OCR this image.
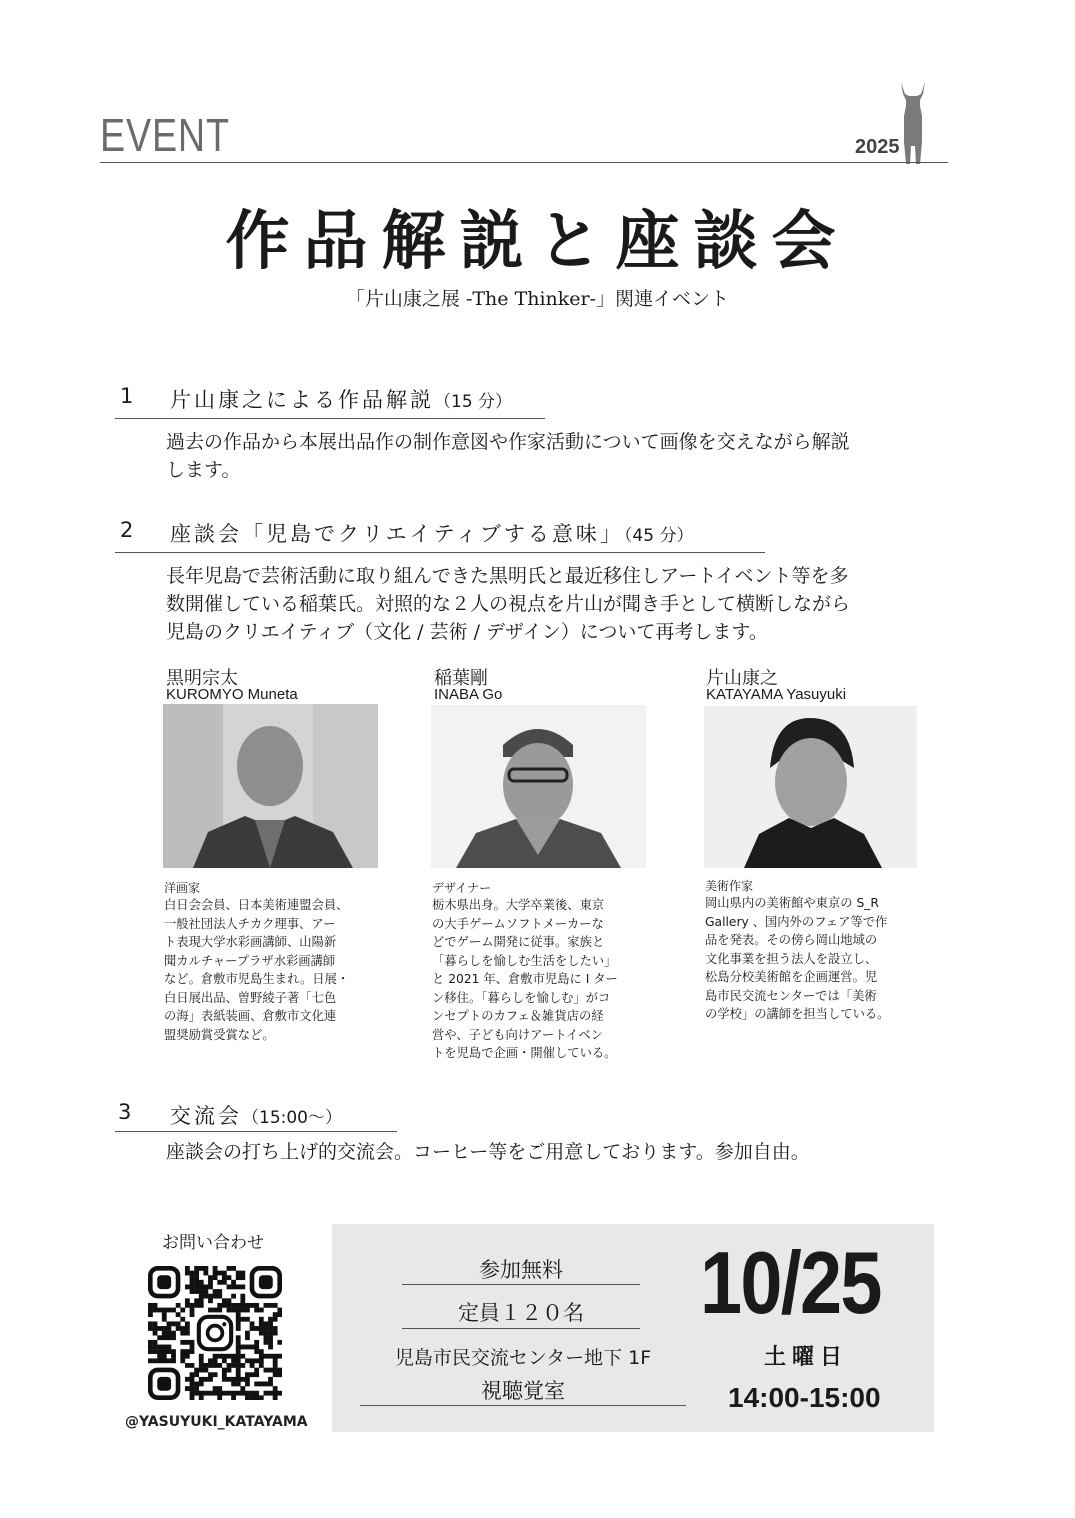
EVENT	2025
作品解説と座談会
「片山康之展 -The Thinker-」関連イベント
1 片山康之による作品解説（15 分）
過去の作品から本展出品作の制作意図や作家活動について画像を交えながら解説
します。
2 座談会「児島でクリエイティブする意味」（45 分）
長年児島で芸術活動に取り組んできた黒明氏と最近移住しアートイベント等を多
数開催している稲葉氏。対照的な２人の視点を片山が聞き手として横断しながら
児島のクリエイティブ（文化 / 芸術 / デザイン）について再考します。
黒明宗太
KUROMYO Muneta
洋画家
白日会会員、日本美術連盟会員、
一般社団法人チカク理事、アー
ト表現大学水彩画講師、山陽新
聞カルチャープラザ水彩画講師
など。倉敷市児島生まれ。日展・
白日展出品、曽野綾子著「七色
の海」表紙装画、倉敷市文化連
盟奨励賞受賞など。
稲葉剛
INABA Go
デザイナー
栃木県出身。大学卒業後、東京
の大手ゲームソフトメーカーな
どでゲーム開発に従事。家族と
「暮らしを愉しむ生活をしたい」
と 2021 年、倉敷市児島に I ター
ン移住。「暮らしを愉しむ」がコ
ンセプトのカフェ＆雑貨店の経
営や、子ども向けアートイベン
トを児島で企画・開催している。
片山康之
KATAYAMA Yasuyuki
美術作家
岡山県内の美術館や東京の S_R
Gallery 、国内外のフェア等で作
品を発表。その傍ら岡山地域の
文化事業を担う法人を設立し、
松島分校美術館を企画運営。児
島市民交流センターでは「美術
の学校」の講師を担当している。
3 交流会（15:00～）
座談会の打ち上げ的交流会。コーヒー等をご用意しております。参加自由。
お問い合わせ
@YASUYUKI_KATAYAMA
参加無料
定員１２０名
児島市民交流センター地下 1F
視聴覚室
10/25
土曜日
14:00-15:00
